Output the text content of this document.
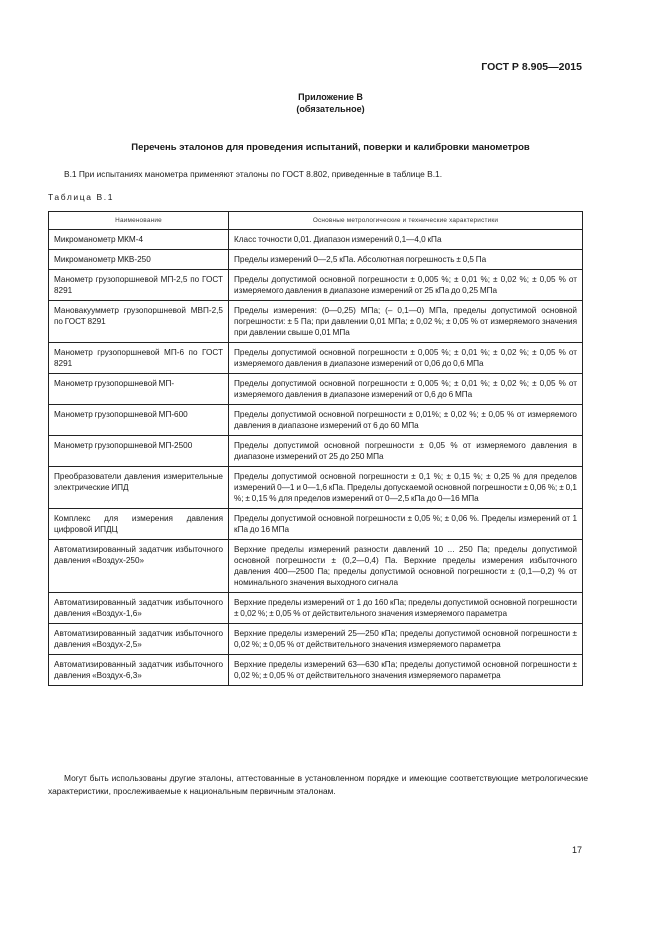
ГОСТ Р 8.905—2015
Приложение В
(обязательное)
Перечень эталонов для проведения испытаний, поверки и калибровки манометров
В.1 При испытаниях манометра применяют эталоны по ГОСТ 8.802, приведенные в таблице В.1.
Таблица В.1
Наименование	Основные метрологические и технические характеристики
Микроманометр МКМ-4	Класс точности 0,01. Диапазон измерений 0,1—4,0 кПа
Микроманометр МКВ-250	Пределы измерений 0—2,5 кПа. Абсолютная погрешность ± 0,5 Па
Манометр грузопоршневой МП-2,5 по ГОСТ 8291	Пределы допустимой основной погрешности ± 0,005 %; ± 0,01 %; ± 0,02 %; ± 0,05 % от измеряемого давления в диапазоне измерений от 25 кПа до 0,25 МПа
Мановакуумметр грузопоршневой МВП-2,5 по ГОСТ 8291	Пределы измерения: (0—0,25) МПа; (– 0,1—0) МПа, пределы допустимой основной погрешности: ± 5 Па; при давлении 0,01 МПа; ± 0,02 %; ± 0,05 % от измеряемого значения при давлении свыше 0,01 МПа
Манометр грузопоршневой МП-6 по ГОСТ 8291	Пределы допустимой основной погрешности ± 0,005 %; ± 0,01 %; ± 0,02 %; ± 0,05 % от измеряемого давления в диапазоне измерений от 0,06 до 0,6 МПа
Манометр грузопоршневой МП-	Пределы допустимой основной погрешности ± 0,005 %; ± 0,01 %; ± 0,02 %; ± 0,05 % от измеряемого давления в диапазоне измерений от 0,6 до 6 МПа
Манометр грузопоршневой МП-600	Пределы допустимой основной погрешности ± 0,01%; ± 0,02 %; ± 0,05 % от измеряемого давления в диапазоне измерений от 6 до 60 МПа
Манометр грузопоршневой МП-2500	Пределы допустимой основной погрешности ± 0,05 % от измеряемого давления в диапазоне измерений от 25 до 250 МПа
Преобразователи давления измерительные электрические ИПД	Пределы допустимой основной погрешности ± 0,1 %; ± 0,15 %; ± 0,25 % для пределов измерений 0—1 и 0—1,6 кПа. Пределы допускаемой основной погрешности ± 0,06 %; ± 0,1 %; ± 0,15 % для пределов измерений от 0—2,5 кПа до 0—16 МПа
Комплекс для измерения давления цифровой ИПДЦ	Пределы допустимой основной погрешности ± 0,05 %; ± 0,06 %. Пределы измерений от 1 кПа до 16 МПа
Автоматизированный задатчик избыточного давления «Воздух-250»	Верхние пределы измерений разности давлений 10 ... 250 Па; пределы допустимой основной погрешности ± (0,2—0,4) Па. Верхние пределы измерения избыточного давления 400—2500 Па; пределы допустимой основной погрешности ± (0,1—0,2) % от номинального значения выходного сигнала
Автоматизированный задатчик избыточного давления «Воздух-1,6»	Верхние пределы измерений от 1 до 160 кПа; пределы допустимой основной погрешности ± 0,02 %; ± 0,05 % от действительного значения измеряемого параметра
Автоматизированный задатчик избыточного давления «Воздух-2,5»	Верхние пределы измерений 25—250 кПа; пределы допустимой основной погрешности ± 0,02 %; ± 0,05 % от действительного значения измеряемого параметра
Автоматизированный задатчик избыточного давления «Воздух-6,3»	Верхние пределы измерений 63—630 кПа; пределы допустимой основной погрешности ± 0,02 %; ± 0,05 % от действительного значения измеряемого параметра
Могут быть использованы другие эталоны, аттестованные в установленном порядке и имеющие соответствующие метрологические характеристики, прослеживаемые к национальным первичным эталонам.
17
